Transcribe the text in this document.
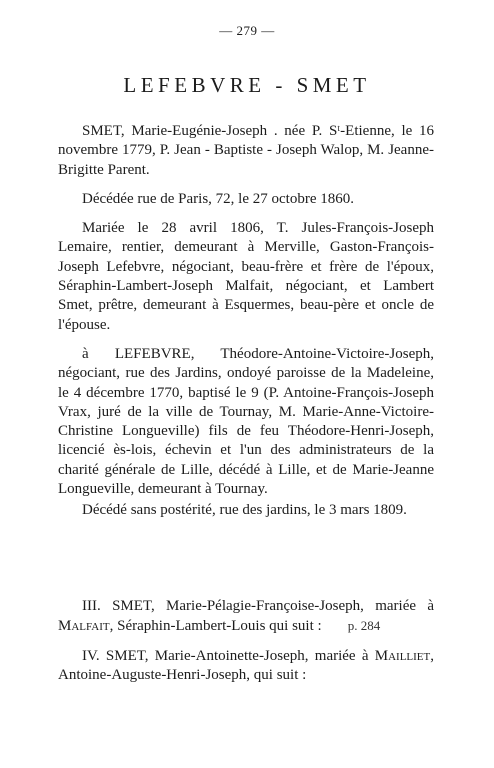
— 279 —
LEFEBVRE - SMET

SMET, Marie-Eugénie-Joseph . née P. Sᵗ-Etienne, le 16 novembre 1779, P. Jean - Baptiste - Joseph Walop, M. Jeanne-Brigitte Parent.

Décédée rue de Paris, 72, le 27 octobre 1860.

Mariée le 28 avril 1806, T. Jules-François-Joseph Lemaire, rentier, demeurant à Merville, Gaston-François-Joseph Lefebvre, négociant, beau-frère et frère de l'époux, Séraphin-Lambert-Joseph Malfait, négociant, et Lambert Smet, prêtre, demeurant à Esquermes, beau-père et oncle de l'épouse.

à LEFEBVRE, Théodore-Antoine-Victoire-Joseph, négociant, rue des Jardins, ondoyé paroisse de la Madeleine, le 4 décembre 1770, baptisé le 9 (P. Antoine-François-Joseph Vrax, juré de la ville de Tournay, M. Marie-Anne-Victoire-Christine Longueville) fils de feu Théodore-Henri-Joseph, licencié ès-lois, échevin et l'un des administrateurs de la charité générale de Lille, décédé à Lille, et de Marie-Jeanne Longueville, demeurant à Tournay.

Décédé sans postérité, rue des jardins, le 3 mars 1809.

III. SMET, Marie-Pélagie-Françoise-Joseph, mariée à Malfait, Séraphin-Lambert-Louis qui suit : p. 284

IV. SMET, Marie-Antoinette-Joseph, mariée à Mailliet, Antoine-Auguste-Henri-Joseph, qui suit :
